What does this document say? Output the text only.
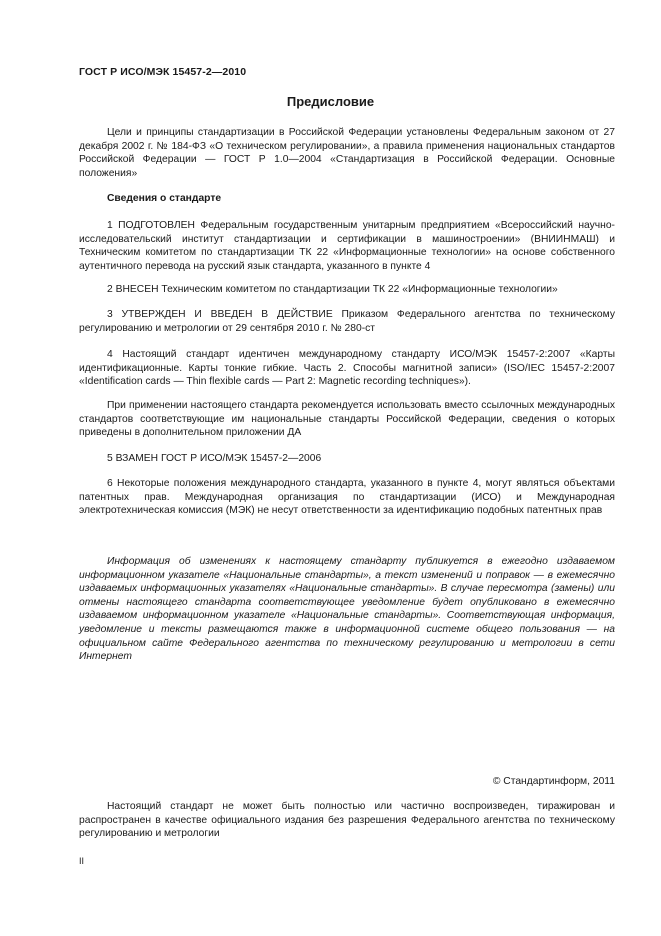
ГОСТ Р ИСО/МЭК 15457-2—2010
Предисловие
Цели и принципы стандартизации в Российской Федерации установлены Федеральным законом от 27 декабря 2002 г. № 184-ФЗ «О техническом регулировании», а правила применения национальных стандартов Российской Федерации — ГОСТ Р 1.0—2004 «Стандартизация в Российской Федерации. Основные положения»
Сведения о стандарте
1 ПОДГОТОВЛЕН Федеральным государственным унитарным предприятием «Всероссийский научно-исследовательский институт стандартизации и сертификации в машиностроении» (ВНИИНМАШ) и Техническим комитетом по стандартизации ТК 22 «Информационные технологии» на основе собственного аутентичного перевода на русский язык стандарта, указанного в пункте 4
2 ВНЕСЕН Техническим комитетом по стандартизации ТК 22 «Информационные технологии»
3 УТВЕРЖДЕН И ВВЕДЕН В ДЕЙСТВИЕ Приказом Федерального агентства по техническому регулированию и метрологии от 29 сентября 2010 г. № 280-ст
4 Настоящий стандарт идентичен международному стандарту ИСО/МЭК 15457-2:2007 «Карты идентификационные. Карты тонкие гибкие. Часть 2. Способы магнитной записи» (ISO/IEC 15457-2:2007 «Identification cards — Thin flexible cards — Part 2: Magnetic recording techniques»).
При применении настоящего стандарта рекомендуется использовать вместо ссылочных международных стандартов соответствующие им национальные стандарты Российской Федерации, сведения о которых приведены в дополнительном приложении ДА
5 ВЗАМЕН ГОСТ Р ИСО/МЭК 15457-2—2006
6 Некоторые положения международного стандарта, указанного в пункте 4, могут являться объектами патентных прав. Международная организация по стандартизации (ИСО) и Международная электротехническая комиссия (МЭК) не несут ответственности за идентификацию подобных патентных прав
Информация об изменениях к настоящему стандарту публикуется в ежегодно издаваемом информационном указателе «Национальные стандарты», а текст изменений и поправок — в ежемесячно издаваемых информационных указателях «Национальные стандарты». В случае пересмотра (замены) или отмены настоящего стандарта соответствующее уведомление будет опубликовано в ежемесячно издаваемом информационном указателе «Национальные стандарты». Соответствующая информация, уведомление и тексты размещаются также в информационной системе общего пользования — на официальном сайте Федерального агентства по техническому регулированию и метрологии в сети Интернет
© Стандартинформ, 2011
Настоящий стандарт не может быть полностью или частично воспроизведен, тиражирован и распространен в качестве официального издания без разрешения Федерального агентства по техническому регулированию и метрологии
II
